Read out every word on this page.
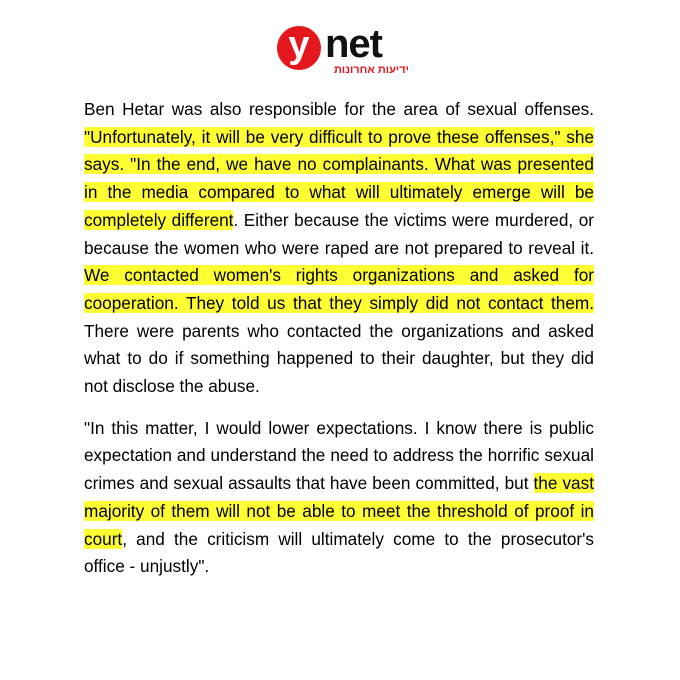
y net
ידיעות אחרונות

Ben Hetar was also responsible for the area of sexual offenses. "Unfortunately, it will be very difficult to prove these offenses," she says. "In the end, we have no complainants. What was presented in the media compared to what will ultimately emerge will be completely different. Either because the victims were murdered, or because the women who were raped are not prepared to reveal it. We contacted women's rights organizations and asked for cooperation. They told us that they simply did not contact them. There were parents who contacted the organizations and asked what to do if something happened to their daughter, but they did not disclose the abuse.

"In this matter, I would lower expectations. I know there is public expectation and understand the need to address the horrific sexual crimes and sexual assaults that have been committed, but the vast majority of them will not be able to meet the threshold of proof in court, and the criticism will ultimately come to the prosecutor's office - unjustly".
